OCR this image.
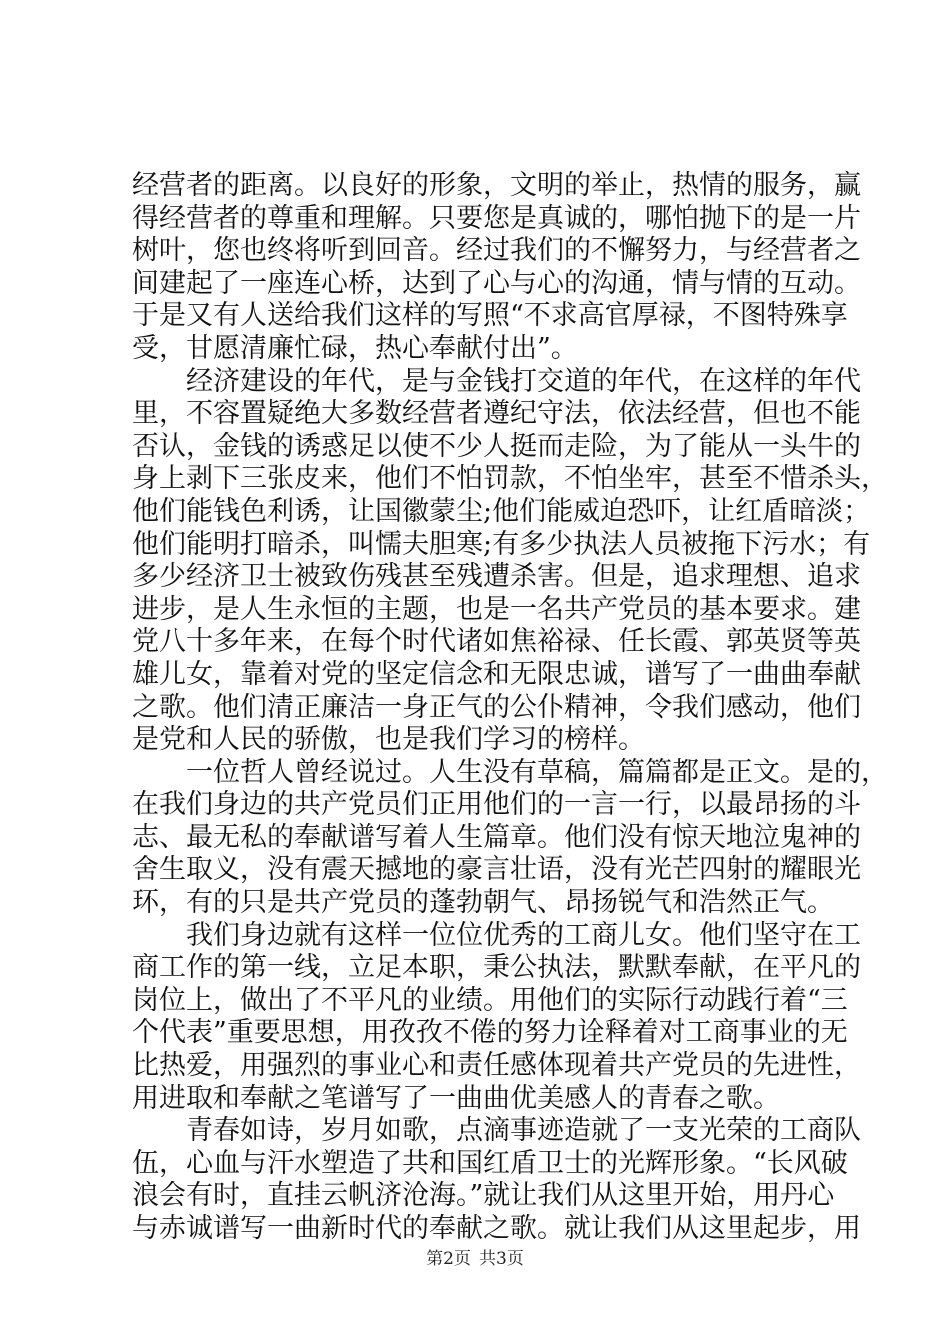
经营者的距离。以良好的形象，文明的举止，热情的服务，赢
得经营者的尊重和理解。只要您是真诚的，哪怕抛下的是一片
树叶，您也终将听到回音。经过我们的不懈努力，与经营者之
间建起了一座连心桥，达到了心与心的沟通，情与情的互动。
于是又有人送给我们这样的写照“不求高官厚禄，不图特殊享
受，甘愿清廉忙碌，热心奉献付出”。
　　经济建设的年代，是与金钱打交道的年代，在这样的年代
里，不容置疑绝大多数经营者遵纪守法，依法经营，但也不能
否认，金钱的诱惑足以使不少人挺而走险，为了能从一头牛的
身上剥下三张皮来，他们不怕罚款，不怕坐牢，甚至不惜杀头，
他们能钱色利诱，让国徽蒙尘;他们能威迫恐吓，让红盾暗淡；
他们能明打暗杀，叫懦夫胆寒;有多少执法人员被拖下污水；有
多少经济卫士被致伤残甚至残遭杀害。但是，追求理想、追求
进步，是人生永恒的主题，也是一名共产党员的基本要求。建
党八十多年来，在每个时代诸如焦裕禄、任长霞、郭英贤等英
雄儿女，靠着对党的坚定信念和无限忠诚，谱写了一曲曲奉献
之歌。他们清正廉洁一身正气的公仆精神，令我们感动，他们
是党和人民的骄傲，也是我们学习的榜样。
　　一位哲人曾经说过。人生没有草稿，篇篇都是正文。是的，
在我们身边的共产党员们正用他们的一言一行，以最昂扬的斗
志、最无私的奉献谱写着人生篇章。他们没有惊天地泣鬼神的
舍生取义，没有震天撼地的豪言壮语，没有光芒四射的耀眼光
环，有的只是共产党员的蓬勃朝气、昂扬锐气和浩然正气。
　　我们身边就有这样一位位优秀的工商儿女。他们坚守在工
商工作的第一线，立足本职，秉公执法，默默奉献，在平凡的
岗位上，做出了不平凡的业绩。用他们的实际行动践行着“三
个代表”重要思想，用孜孜不倦的努力诠释着对工商事业的无
比热爱，用强烈的事业心和责任感体现着共产党员的先进性，
用进取和奉献之笔谱写了一曲曲优美感人的青春之歌。
　　青春如诗，岁月如歌，点滴事迹造就了一支光荣的工商队
伍，心血与汗水塑造了共和国红盾卫士的光辉形象。“长风破
浪会有时，直挂云帆济沧海。”就让我们从这里开始，用丹心
与赤诚谱写一曲新时代的奉献之歌。就让我们从这里起步，用
第2页 共3页
